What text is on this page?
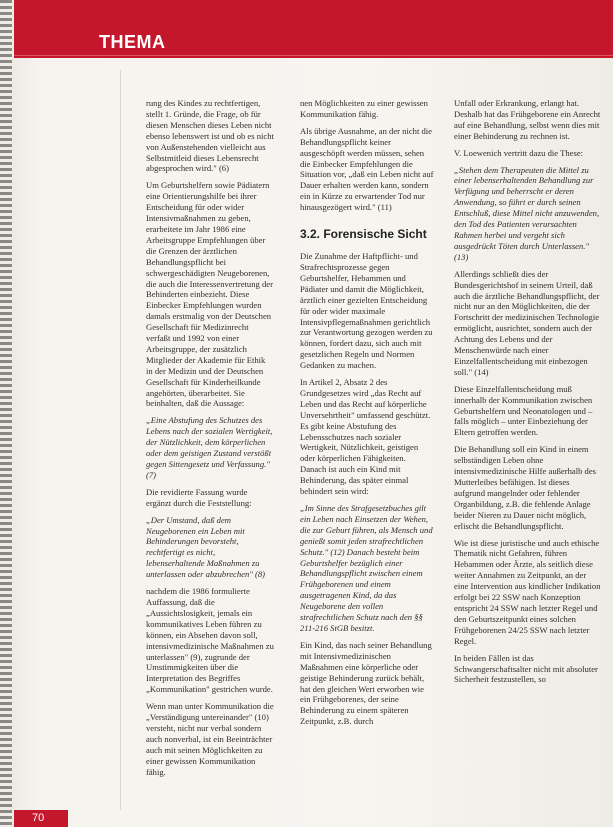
THEMA

rung des Kindes zu rechtfertigen, stellt 1. Gründe, die Frage, ob für diesen Menschen dieses Leben nicht ebenso lebenswert ist und ob es nicht von Außenstehenden vielleicht aus Selbstmitleid dieses Lebensrecht abgesprochen wird." (6)

Um Geburtshelfern sowie Pädiatern eine Orientierungshilfe bei ihrer Entscheidung für oder wider Intensivmaßnahmen zu geben, erarbeitete im Jahr 1986 eine Arbeitsgruppe Empfehlungen über die Grenzen der ärztlichen Behandlungspflicht bei schwergeschädigten Neugeborenen, die auch die Interessenvertretung der Behinderten einbezieht. Diese Einbecker Empfehlungen wurden damals erstmalig von der Deutschen Gesellschaft für Medizinrecht verfaßt und 1992 von einer Arbeitsgruppe, der zusätzlich Mitglieder der Akademie für Ethik in der Medizin und der Deutschen Gesellschaft für Kinderheilkunde angehörten, überarbeitet. Sie beinhalten, daß die Aussage:

„Eine Abstufung des Schutzes des Lebens nach der sozialen Wertigkeit, der Nützlichkeit, dem körperlichen oder dem geistigen Zustand verstößt gegen Sittengesetz und Verfassung." (7)

Die revidierte Fassung wurde ergänzt durch die Feststellung:

„Der Umstand, daß dem Neugeborenen ein Leben mit Behinderungen bevorsteht, rechtfertigt es nicht, lebenserhaltende Maßnahmen zu unterlassen oder abzubrechen" (8)

nachdem die 1986 formulierte Auffassung, daß die „Aussichtslosigkeit, jemals ein kommunikatives Leben führen zu können, ein Absehen davon soll, intensivmedizinische Maßnahmen zu unterlassen" (9), zugrunde der Umstimmigkeiten über die Interpretation des Begriffes „Kommunikation" gestrichen wurde.

Wenn man unter Kommunikation die „Verständigung untereinander" (10) versteht, nicht nur verbal sondern auch nonverbal, ist ein Beeinträchter auch mit seinen Möglichkeiten zu einer gewissen Kommunikation fähig.

nen Möglichkeiten zu einer gewissen Kommunikation fähig.

Als übrige Ausnahme, an der nicht die Behandlungspflicht keiner ausgeschöpft werden müssen, sehen die Einbecker Empfehlungen die Situation vor, „daß ein Leben nicht auf Dauer erhalten werden kann, sondern ein in Kürze zu erwartender Tod nur hinausgezögert wird." (11)

3.2. Forensische Sicht

Die Zunahme der Haftpflicht- und Strafrechtsprozesse gegen Geburtshelfer, Hebammen und Pädiater und damit die Möglichkeit, ärztlich einer gezielten Entscheidung für oder wider maximale Intensivpflegemaßnahmen gerichtlich zur Verantwortung gezogen werden zu können, fordert dazu, sich auch mit gesetzlichen Regeln und Normen Gedanken zu machen.

In Artikel 2, Absatz 2 des Grundgesetzes wird „das Recht auf Leben und das Recht auf körperliche Unversehrtheit" umfassend geschützt. Es gibt keine Abstufung des Lebensschutzes nach sozialer Wertigkeit, Nützlichkeit, geistigen oder körperlichen Fähigkeiten. Danach ist auch ein Kind mit Behinderung, das später einmal behindert sein wird:

„Im Sinne des Strafgesetzbuches gilt ein Leben nach Einsetzen der Wehen, die zur Geburt führen, als Mensch und genießt somit jeden strafrechtlichen Schutz." (12) Danach besteht beim Geburtshelfer bezüglich einer Behandlungspflicht zwischen einem Frühgeborenen und einem ausgetragenen Kind, da das Neugeborene den vollen strafrechtlichen Schutz nach den §§ 211-216 StGB besitzt.

Ein Kind, das nach seiner Behandlung mit Intensivmedizinischen Maßnahmen eine körperliche oder geistige Behinderung zurück behält, hat den gleichen Wert erworben wie ein Frühgeborenes, der seine Behinderung zu einem späteren Zeitpunkt, z.B. durch

Unfall oder Erkrankung, erlangt hat. Deshalb hat das Frühgeborene ein Anrecht auf eine Behandlung, selbst wenn dies mit einer Behinderung zu rechnen ist.

V. Loewenich vertritt dazu die These:

„Stehen dem Therapeuten die Mittel zu einer lebenserhaltenden Behandlung zur Verfügung und beherrscht er deren Anwendung, so führt er durch seinen Entschluß, diese Mittel nicht anzuwenden, den Tod des Patienten verursachten Rahmen herbei und vergeht sich ausgedrückt Töten durch Unterlassen." (13)

Allerdings schließt dies der Bundesgerichtshof in seinem Urteil, daß auch die ärztliche Behandlungspflicht, der nicht nur an den Möglichkeiten, die der Fortschritt der medizinischen Technologie ermöglicht, ausrichtet, sondern auch der Achtung des Lebens und der Menschenwürde nach einer Einzelfallentscheidung mit einbezogen soll." (14)

Diese Einzelfallentscheidung muß innerhalb der Kommunikation zwischen Geburtshelfern und Neonatologen und – falls möglich – unter Einbeziehung der Eltern getroffen werden.

Die Behandlung soll ein Kind in einem selbständigen Leben ohne intensivmedizinische Hilfe außerhalb des Mutterleibes befähigen. Ist dieses aufgrund mangelnder oder fehlender Organbildung, z.B. die fehlende Anlage beider Nieren zu Dauer nicht möglich, erlischt die Behandlungspflicht.

Wie ist diese juristische und auch ethische Thematik nicht Gefahren, führen Hebammen oder Ärzte, als seitlich diese weiter Annahmen zu Zeitpunkt, an der eine Intervention aus kindlicher Indikation erfolgt bei 22 SSW nach Konzeption entspricht 24 SSW nach letzter Regel und den Geburtszeitpunkt eines solchen Frühgeborenen 24/25 SSW nach letzter Regel.

In beiden Fällen ist das Schwangerschaftsalter nicht mit absoluter Sicherheit festzustellen, so

70
